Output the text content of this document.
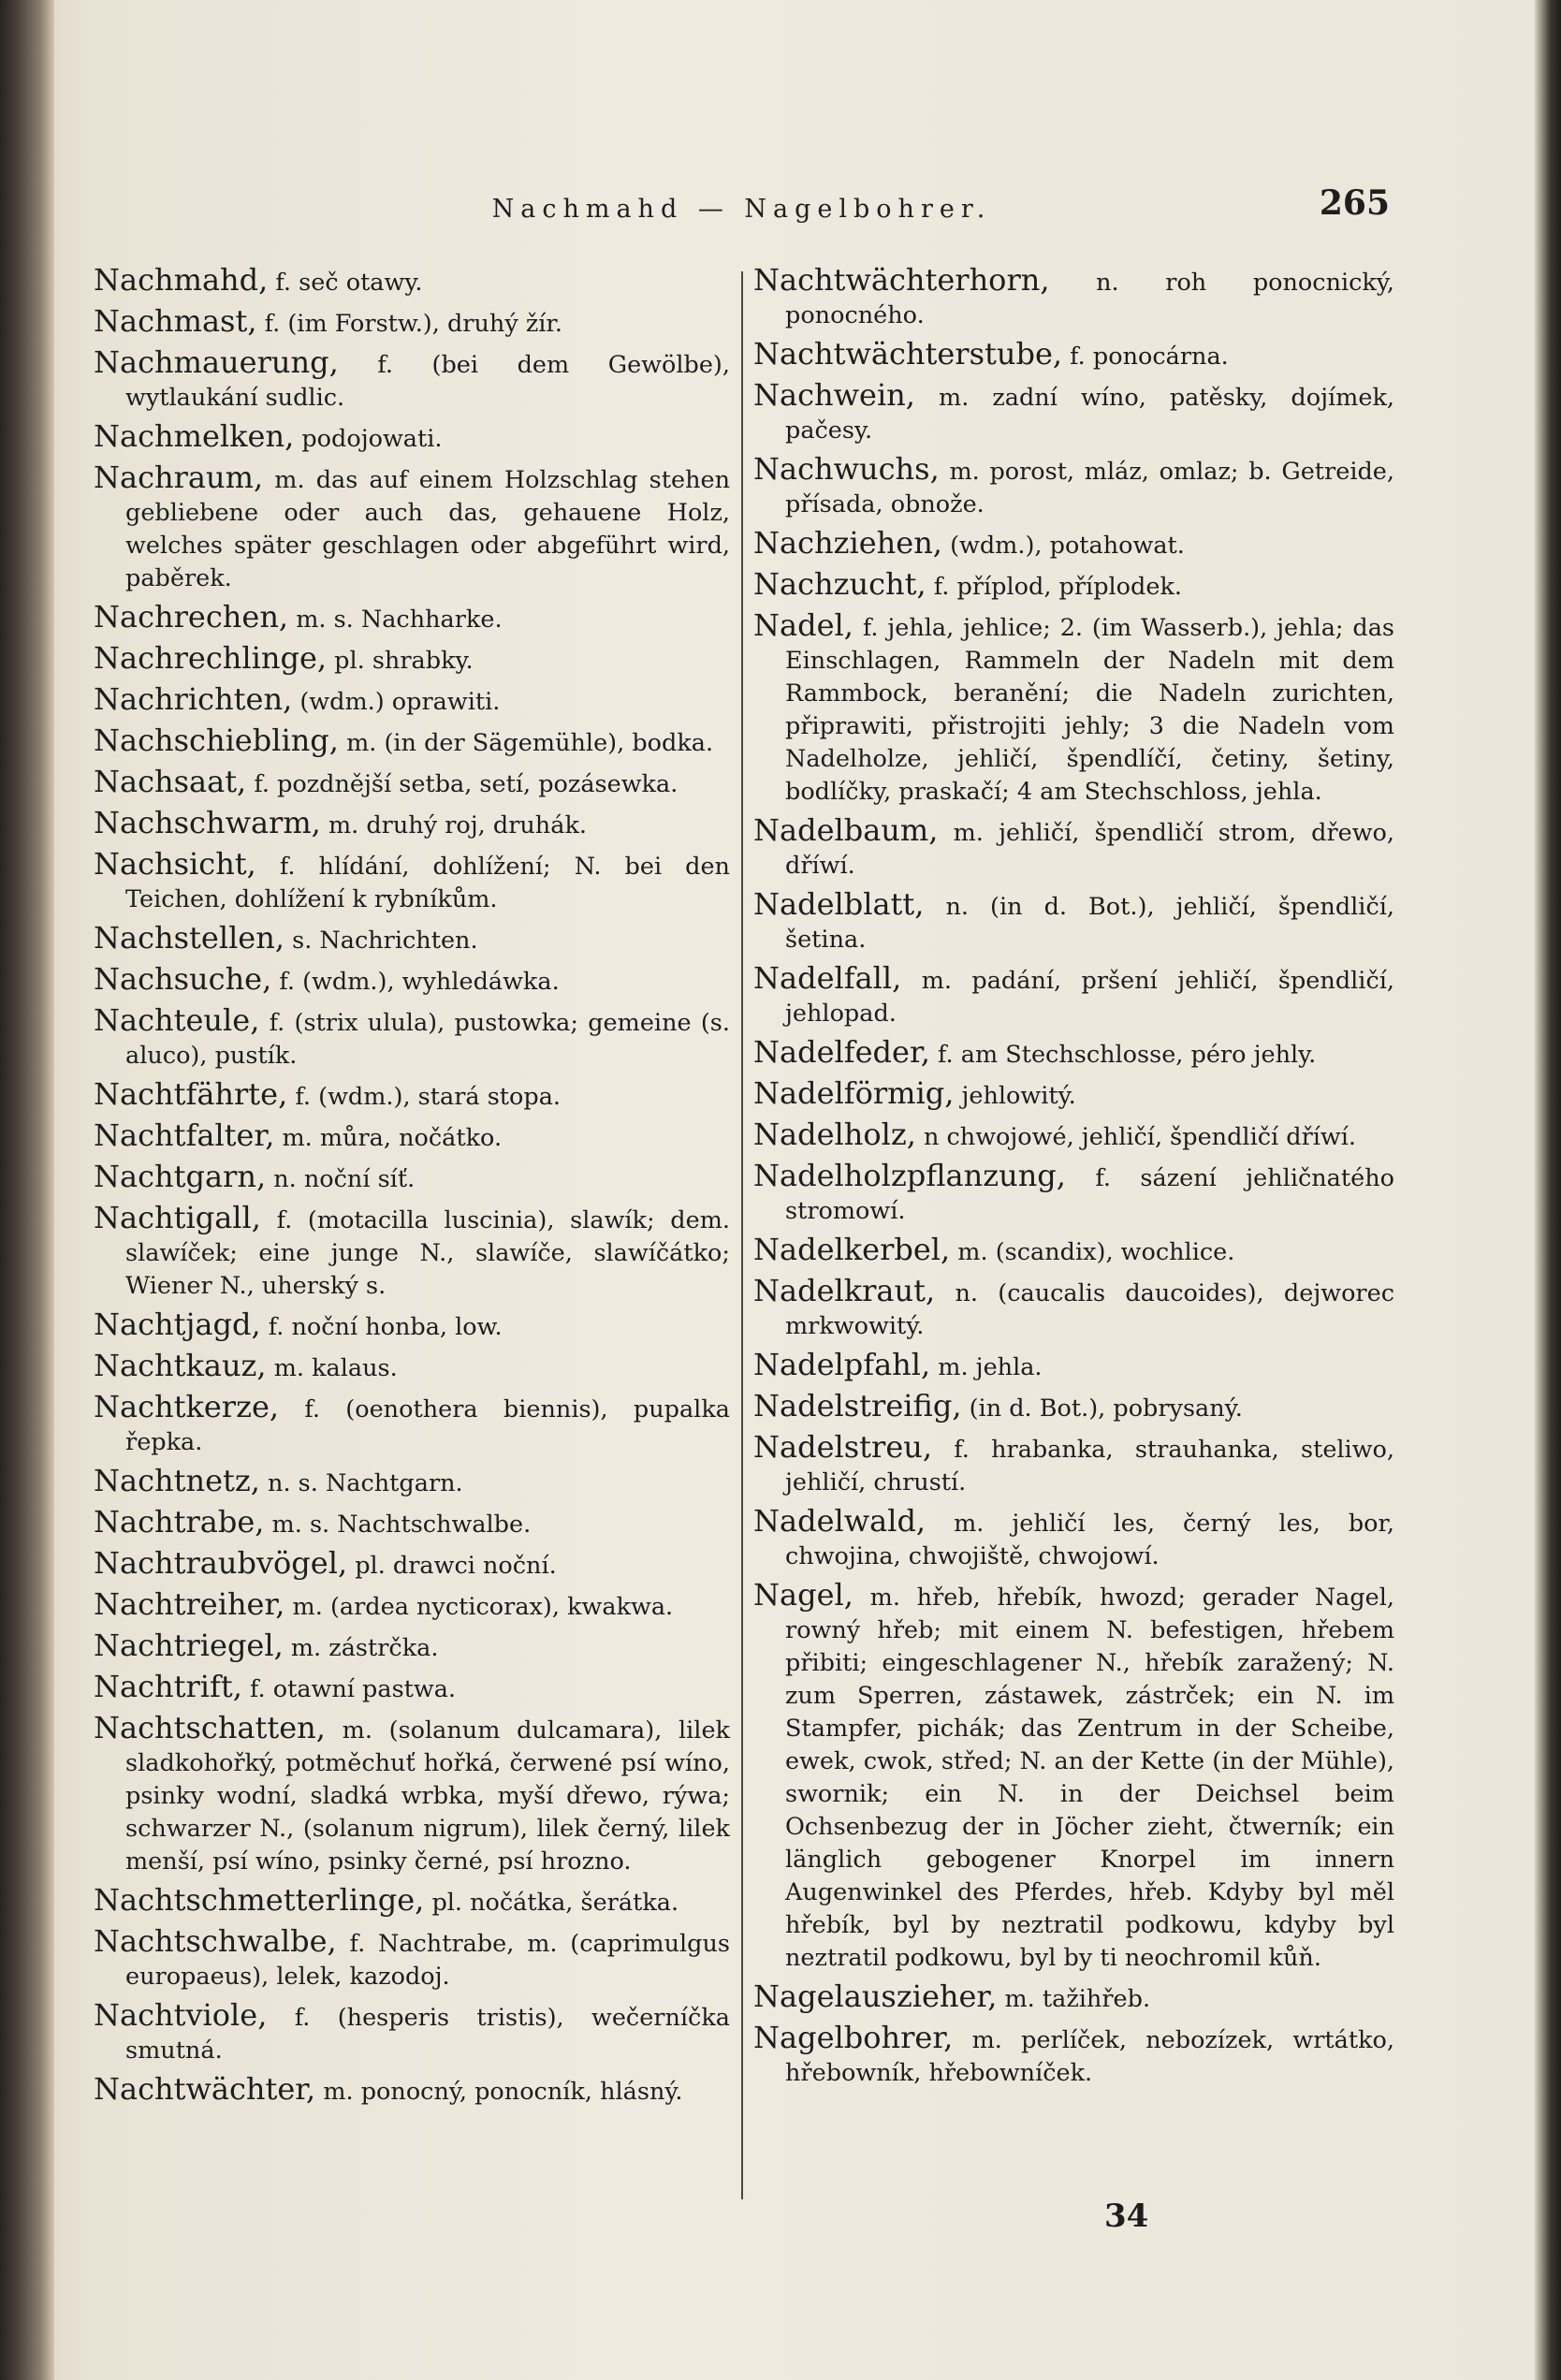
Nachmahd — Nagelbohrer.	265
Nachmahd, f. seč otawy.
Nachmast, f. (im Forstw.), druhý žír.
Nachmauerung, f. (bei dem Gewölbe), wytlaukání sudlic.
Nachmelken, podojowati.
Nachraum, m. das auf einem Holzschlag stehen gebliebene oder auch das, gehauene Holz, welches später geschlagen oder abgeführt wird, paběrek.
Nachrechen, m. s. Nachharke.
Nachrechlinge, pl. shrabky.
Nachrichten, (wdm.) oprawiti.
Nachschiebling, m. (in der Sägemühle), bodka.
Nachsaat, f. pozdnější setba, setí, pozásewka.
Nachschwarm, m. druhý roj, druhák.
Nachsicht, f. hlídání, dohlížení; N. bei den Teichen, dohlížení k rybníkům.
Nachstellen, s. Nachrichten.
Nachsuche, f. (wdm.), wyhledáwka.
Nachteule, f. (strix ulula), pustowka; gemeine (s. aluco), pustík.
Nachtfährte, f. (wdm.), stará stopa.
Nachtfalter, m. můra, nočátko.
Nachtgarn, n. noční síť.
Nachtigall, f. (motacilla luscinia), slawík; dem. slawíček; eine junge N., slawíče, slawíčátko; Wiener N., uherský s.
Nachtjagd, f. noční honba, low.
Nachtkauz, m. kalaus.
Nachtkerze, f. (oenothera biennis), pupalka řepka.
Nachtnetz, n. s. Nachtgarn.
Nachtrabe, m. s. Nachtschwalbe.
Nachtraubvögel, pl. drawci noční.
Nachtreiher, m. (ardea nycticorax), kwakwa.
Nachtriegel, m. zástrčka.
Nachtrift, f. otawní pastwa.
Nachtschatten, m. (solanum dulcamara), lilek sladkohořký, potměchuť hořká, čerwené psí wíno, psinky wodní, sladká wrbka, myší dřewo, rýwa; schwarzer N., (solanum nigrum), lilek černý, lilek menší, psí wíno, psinky černé, psí hrozno.
Nachtschmetterlinge, pl. nočátka, šerátka.
Nachtschwalbe, f. Nachtrabe, m. (caprimulgus europaeus), lelek, kazodoj.
Nachtviole, f. (hesperis tristis), wečerníčka smutná.
Nachtwächter, m. ponocný, ponocník, hlásný.
Nachtwächterhorn, n. roh ponocnický, ponocného.
Nachtwächterstube, f. ponocárna.
Nachwein, m. zadní wíno, patěsky, dojímek, pačesy.
Nachwuchs, m. porost, mláz, omlaz; b. Getreide, přísada, obnože.
Nachziehen, (wdm.), potahowat.
Nachzucht, f. příplod, příplodek.
Nadel, f. jehla, jehlice; 2. (im Wasserb.), jehla; das Einschlagen, Rammeln der Nadeln mit dem Rammbock, beranění; die Nadeln zurichten, připrawiti, přistrojiti jehly; 3 die Nadeln vom Nadelholze, jehličí, špendlíčí, četiny, šetiny, bodlíčky, praskačí; 4 am Stechschloss, jehla.
Nadelbaum, m. jehličí, špendličí strom, dřewo, dříwí.
Nadelblatt, n. (in d. Bot.), jehličí, špendličí, šetina.
Nadelfall, m. padání, pršení jehličí, špendličí, jehlopad.
Nadelfeder, f. am Stechschlosse, péro jehly.
Nadelförmig, jehlowitý.
Nadelholz, n chwojowé, jehličí, špendličí dříwí.
Nadelholzpflanzung, f. sázení jehličnatého stromowí.
Nadelkerbel, m. (scandix), wochlice.
Nadelkraut, n. (caucalis daucoides), dejworec mrkwowitý.
Nadelpfahl, m. jehla.
Nadelstreifig, (in d. Bot.), pobrysaný.
Nadelstreu, f. hrabanka, strauhanka, steliwo, jehličí, chrustí.
Nadelwald, m. jehličí les, černý les, bor, chwojina, chwojiště, chwojowí.
Nagel, m. hřeb, hřebík, hwozd; gerader Nagel, rowný hřeb; mit einem N. befestigen, hřebem přibiti; eingeschlagener N., hřebík zaražený; N. zum Sperren, zástawek, zástrček; ein N. im Stampfer, pichák; das Zentrum in der Scheibe, ewek, cwok, střed; N. an der Kette (in der Mühle), swornik; ein N. in der Deichsel beim Ochsenbezug der in Jöcher zieht, čtwerník; ein länglich gebogener Knorpel im innern Augenwinkel des Pferdes, hřeb. Kdyby byl měl hřebík, byl by neztratil podkowu, kdyby byl neztratil podkowu, byl by ti neochromil kůň.
Nagelauszieher, m. tažihřeb.
Nagelbohrer, m. perlíček, nebozízek, wrtátko, hřebowník, hřebowníček.
34
